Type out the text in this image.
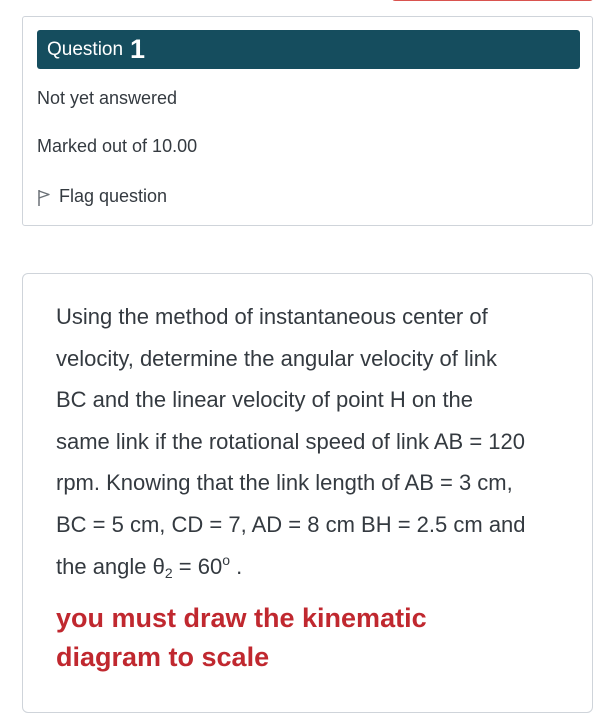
Question 1
Not yet answered
Marked out of 10.00
Flag question
Using the method of instantaneous center of
velocity, determine the angular velocity of link
BC and the linear velocity of point H on the
same link if the rotational speed of link AB = 120
rpm. Knowing that the link length of AB = 3 cm,
BC = 5 cm, CD = 7, AD = 8 cm BH = 2.5 cm and
the angle $\theta_2 = 60^o$ .
you must draw the kinematic
diagram to scale
